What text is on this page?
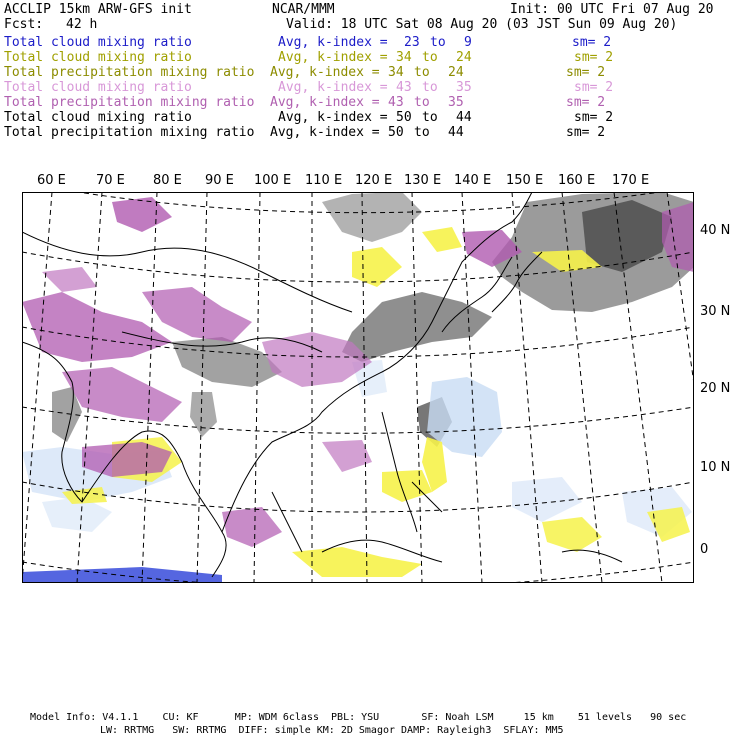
ACCLIP 15km ARW-GFS init	NCAR/MMM	Init: 00 UTC Fri 07 Aug 20
Fcst: 42 h	Valid: 18 UTC Sat 08 Aug 20 (03 JST Sun 09 Aug 20)
Total cloud mixing ratio	Avg, k-index = 23 to 9	sm= 2
Total cloud mixing ratio	Avg, k-index = 34 to 24	sm= 2
Total precipitation mixing ratio Avg, k-index = 34 to 24	sm= 2
Total cloud mixing ratio	Avg, k-index = 43 to 35	sm= 2
Total precipitation mixing ratio Avg, k-index = 43 to 35	sm= 2
Total cloud mixing ratio	Avg, k-index = 50 to 44	sm= 2
Total precipitation mixing ratio Avg, k-index = 50 to 44	sm= 2
60 E 70 E 80 E 90 E 100 E 110 E 120 E 130 E 140 E 150 E 160 E 170 E
40 N
30 N
20 N
10 N
0
Model Info: V4.1.1    CU: KF      MP: WDM 6class  PBL: YSU       SF: Noah LSM     15 km    51 levels   90 sec
LW: RRTMG   SW: RRTMG  DIFF: simple KM: 2D Smagor DAMP: Rayleigh3  SFLAY: MM5
